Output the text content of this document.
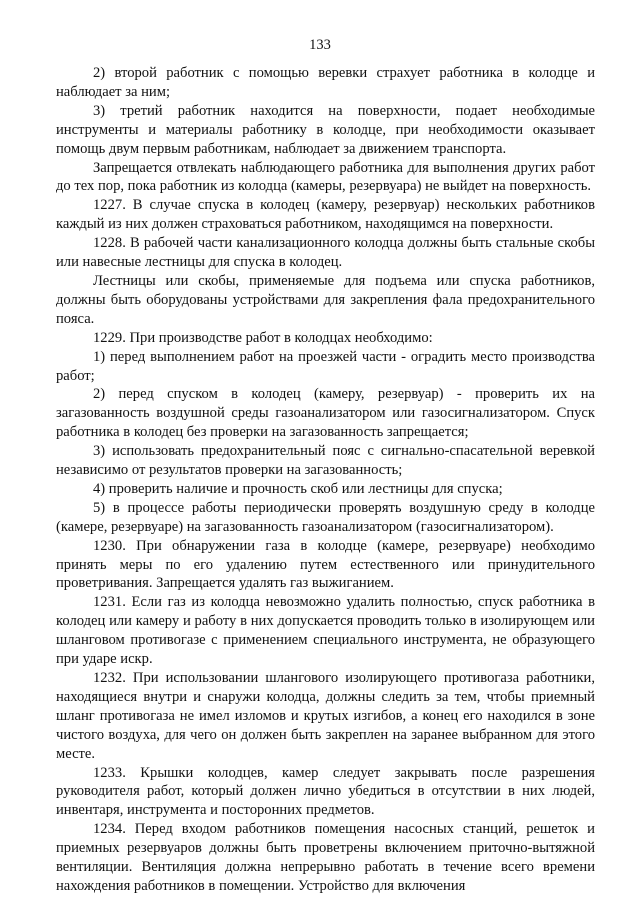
133

2) второй работник с помощью веревки страхует работника в колодце и наблюдает за ним;

3) третий работник находится на поверхности, подает необходимые инструменты и материалы работнику в колодце, при необходимости оказывает помощь двум первым работникам, наблюдает за движением транспорта.

Запрещается отвлекать наблюдающего работника для выполнения других работ до тех пор, пока работник из колодца (камеры, резервуара) не выйдет на поверхность.

1227. В случае спуска в колодец (камеру, резервуар) нескольких работников каждый из них должен страховаться работником, находящимся на поверхности.

1228. В рабочей части канализационного колодца должны быть стальные скобы или навесные лестницы для спуска в колодец.

Лестницы или скобы, применяемые для подъема или спуска работников, должны быть оборудованы устройствами для закрепления фала предохранительного пояса.

1229. При производстве работ в колодцах необходимо:

1) перед выполнением работ на проезжей части - оградить место производства работ;

2) перед спуском в колодец (камеру, резервуар) - проверить их на загазованность воздушной среды газоанализатором или газосигнализатором. Спуск работника в колодец без проверки на загазованность запрещается;

3) использовать предохранительный пояс с сигнально-спасательной веревкой независимо от результатов проверки на загазованность;

4) проверить наличие и прочность скоб или лестницы для спуска;

5) в процессе работы периодически проверять воздушную среду в колодце (камере, резервуаре) на загазованность газоанализатором (газосигнализатором).

1230. При обнаружении газа в колодце (камере, резервуаре) необходимо принять меры по его удалению путем естественного или принудительного проветривания. Запрещается удалять газ выжиганием.

1231. Если газ из колодца невозможно удалить полностью, спуск работника в колодец или камеру и работу в них допускается проводить только в изолирующем или шланговом противогазе с применением специального инструмента, не образующего при ударе искр.

1232. При использовании шлангового изолирующего противогаза работники, находящиеся внутри и снаружи колодца, должны следить за тем, чтобы приемный шланг противогаза не имел изломов и крутых изгибов, а конец его находился в зоне чистого воздуха, для чего он должен быть закреплен на заранее выбранном для этого месте.

1233. Крышки колодцев, камер следует закрывать после разрешения руководителя работ, который должен лично убедиться в отсутствии в них людей, инвентаря, инструмента и посторонних предметов.

1234. Перед входом работников помещения насосных станций, решеток и приемных резервуаров должны быть проветрены включением приточно-вытяжной вентиляции. Вентиляция должна непрерывно работать в течение всего времени нахождения работников в помещении. Устройство для включения
